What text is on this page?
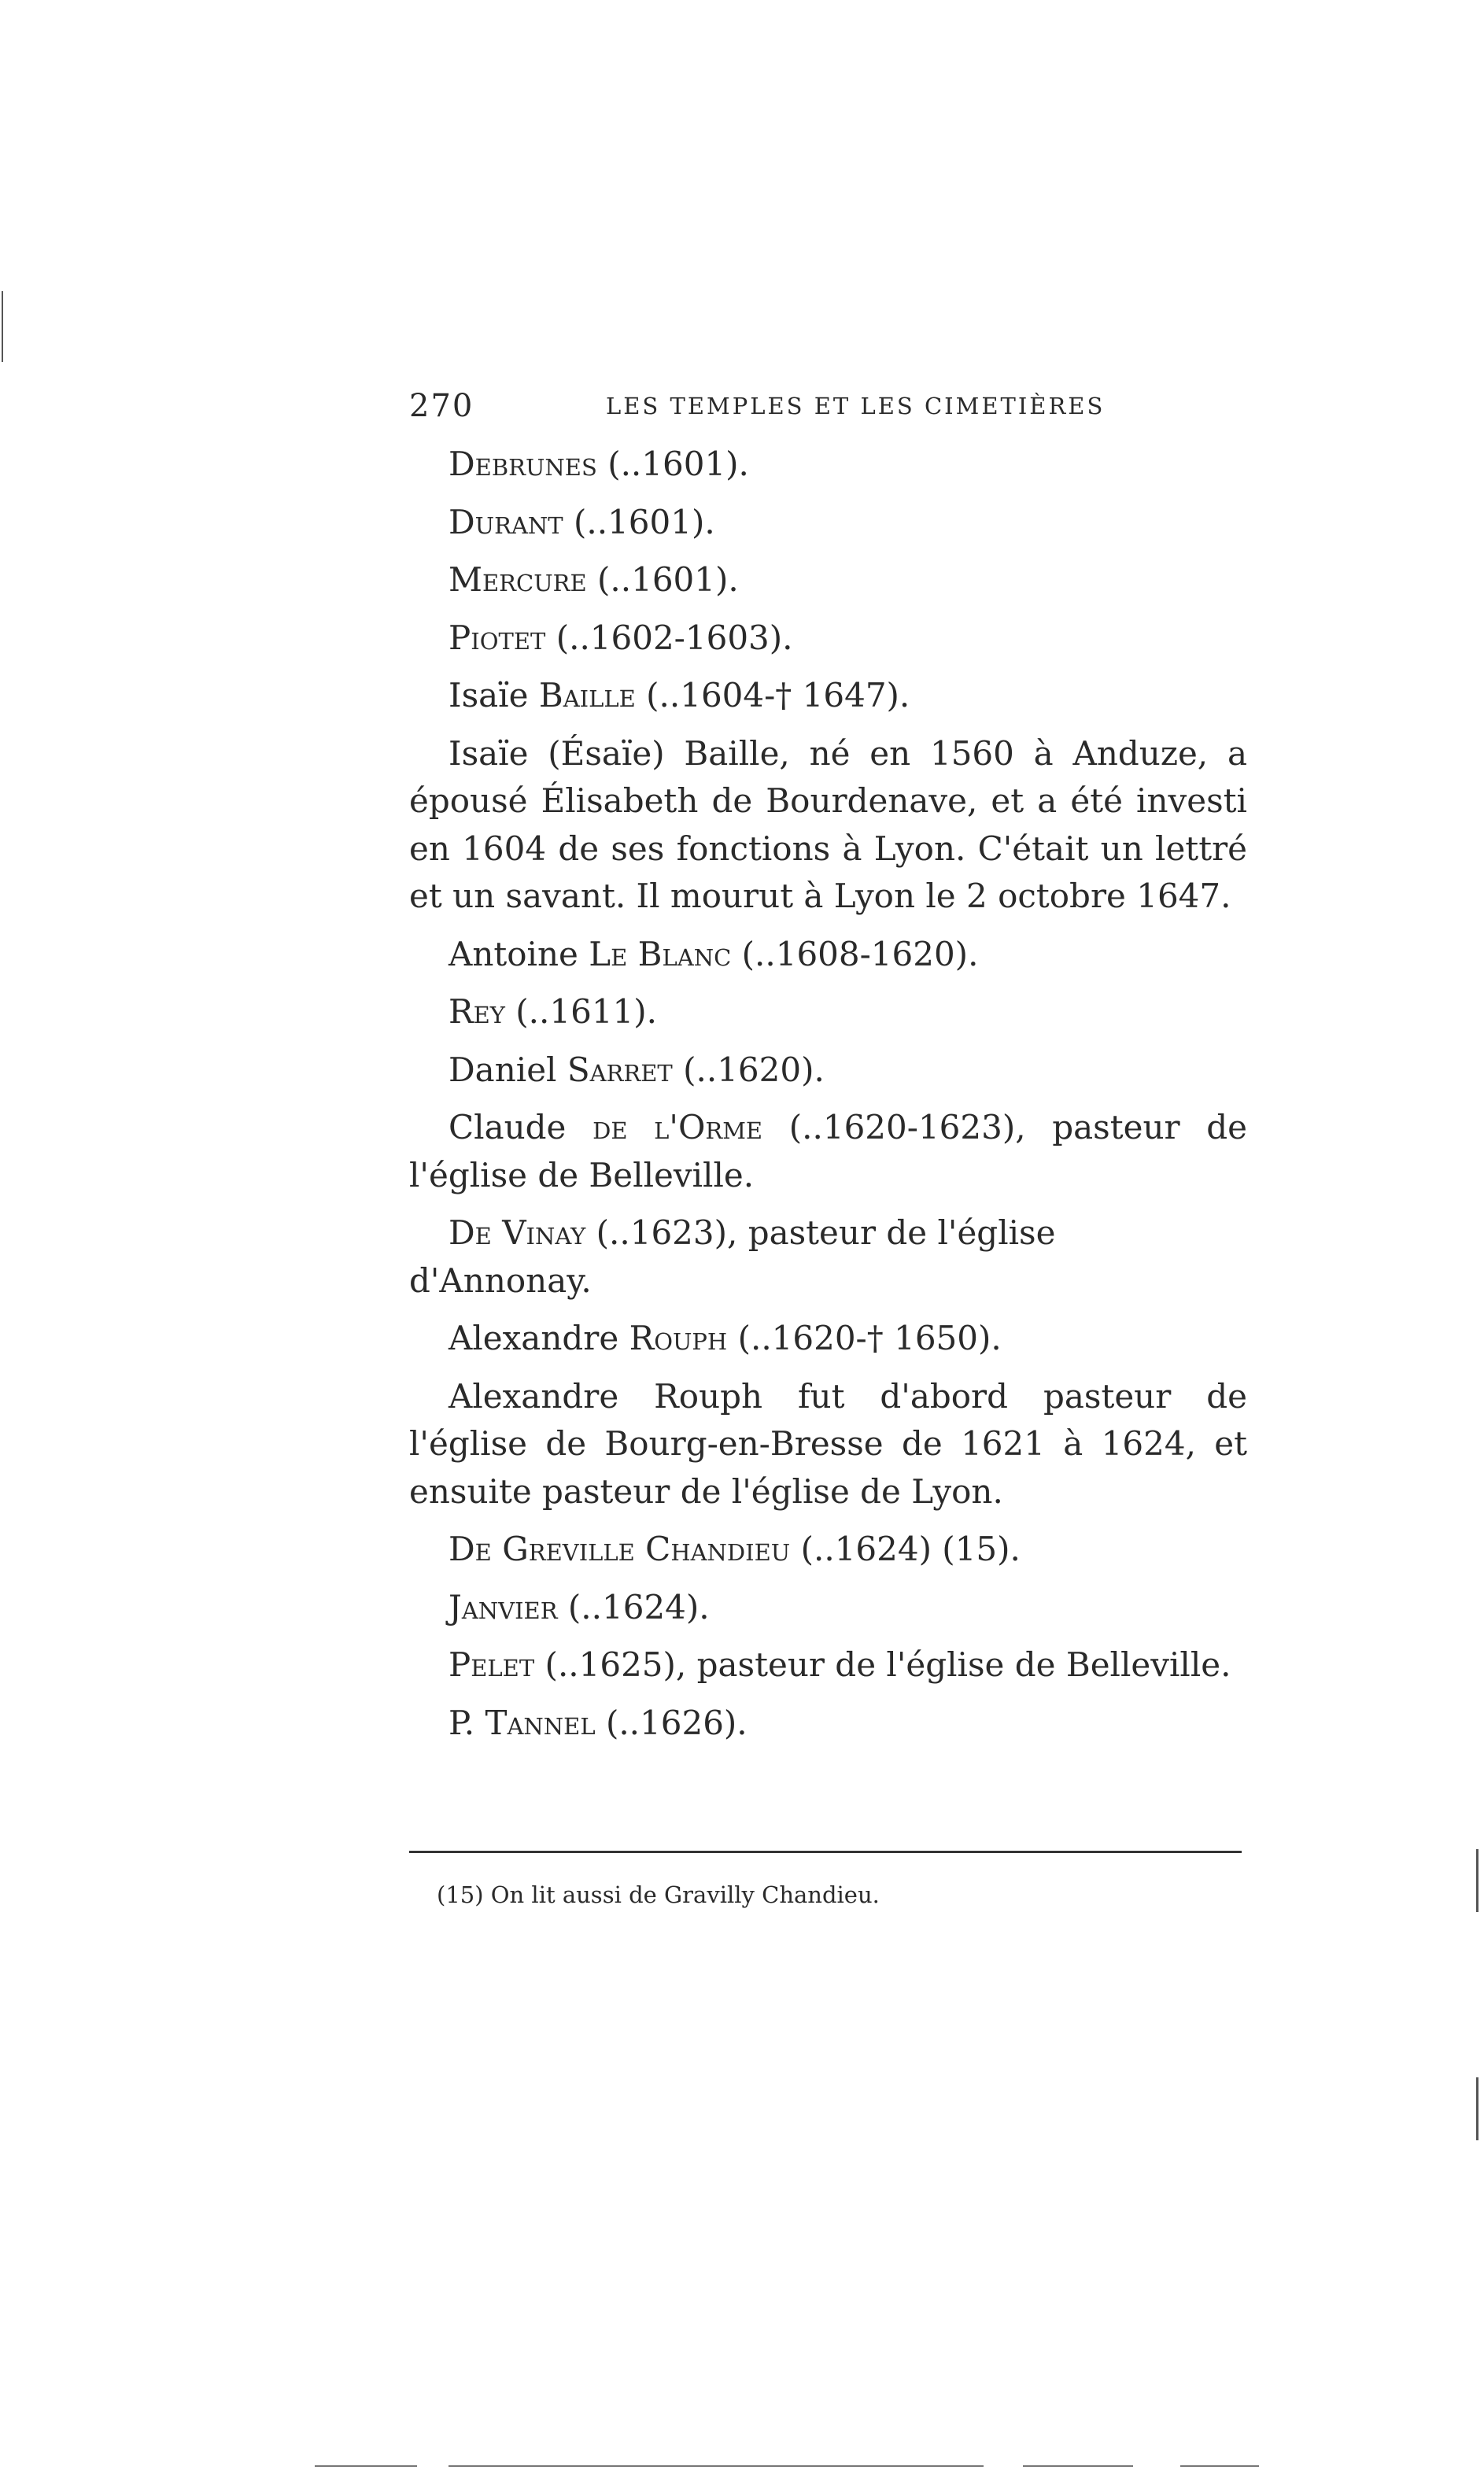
270	LES TEMPLES ET LES CIMETIÈRES

Debrunes (..1601).

Durant (..1601).

Mercure (..1601).

Piotet (..1602-1603).

Isaïe Baille (..1604-† 1647).

Isaïe (Ésaïe) Baille, né en 1560 à Anduze, a épousé Élisabeth de Bourdenave, et a été investi en 1604 de ses fonctions à Lyon. C'était un lettré et un savant. Il mourut à Lyon le 2 octobre 1647.

Antoine Le Blanc (..1608-1620).

Rey (..1611).

Daniel Sarret (..1620).

Claude de l'Orme (..1620-1623), pasteur de l'église de Belleville.

De Vinay (..1623), pasteur de l'église d'Annonay.

Alexandre Rouph (..1620-† 1650).

Alexandre Rouph fut d'abord pasteur de l'église de Bourg-en-Bresse de 1621 à 1624, et ensuite pasteur de l'église de Lyon.

De Greville Chandieu (..1624) (15).

Janvier (..1624).

Pelet (..1625), pasteur de l'église de Belleville.

P. Tannel (..1626).

(15) On lit aussi de Gravilly Chandieu.
